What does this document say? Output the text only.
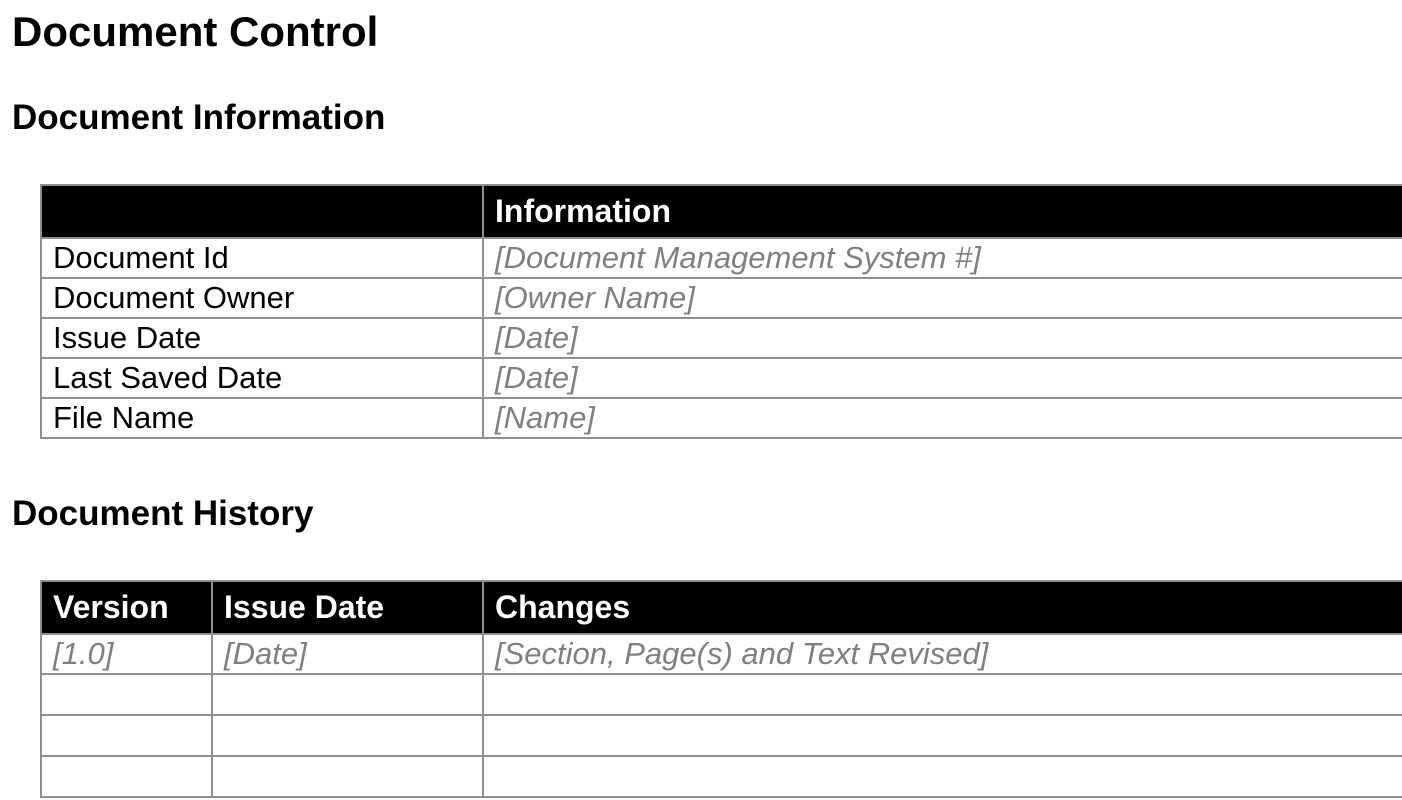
Document Control
Document Information
	Information
Document Id	[Document Management System #]
Document Owner	[Owner Name]
Issue Date	[Date]
Last Saved Date	[Date]
File Name	[Name]
Document History
Version	Issue Date	Changes
[1.0]	[Date]	[Section, Page(s) and Text Revised]
